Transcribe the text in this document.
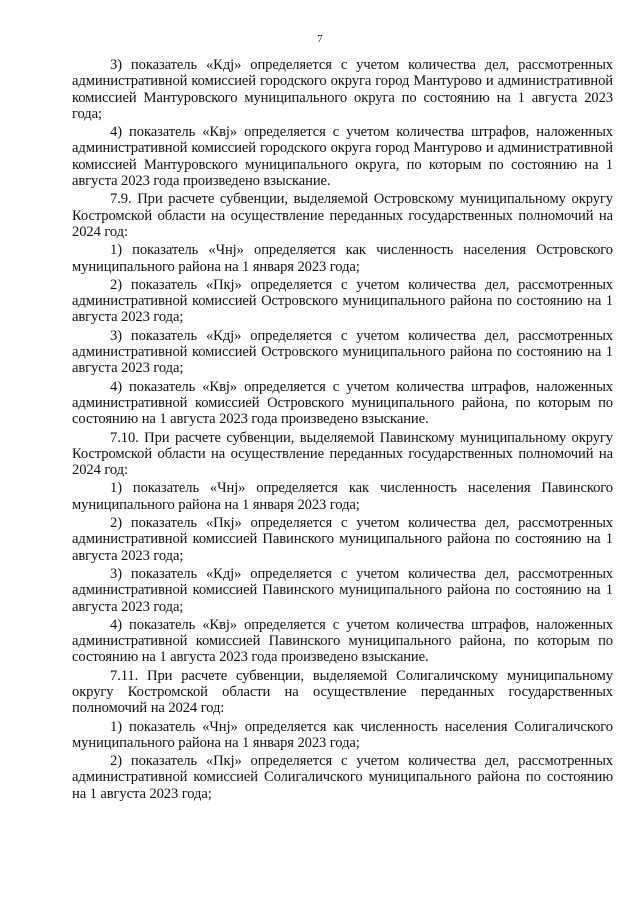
7

3) показатель «Кдj» определяется с учетом количества дел, рассмотренных административной комиссией городского округа город Мантурово и административной комиссией Мантуровского муниципального округа по состоянию на 1 августа 2023 года;

4) показатель «Квj» определяется с учетом количества штрафов, наложенных административной комиссией городского округа город Мантурово и административной комиссией Мантуровского муниципального округа, по которым по состоянию на 1 августа 2023 года произведено взыскание.

7.9. При расчете субвенции, выделяемой Островскому муниципальному округу Костромской области на осуществление переданных государственных полномочий на 2024 год:

1) показатель «Чнj» определяется как численность населения Островского муниципального района на 1 января 2023 года;

2) показатель «Пкj» определяется с учетом количества дел, рассмотренных административной комиссией Островского муниципального района по состоянию на 1 августа 2023 года;

3) показатель «Кдj» определяется с учетом количества дел, рассмотренных административной комиссией Островского муниципального района по состоянию на 1 августа 2023 года;

4) показатель «Квj» определяется с учетом количества штрафов, наложенных административной комиссией Островского муниципального района, по которым по состоянию на 1 августа 2023 года произведено взыскание.

7.10. При расчете субвенции, выделяемой Павинскому муниципальному округу Костромской области на осуществление переданных государственных полномочий на 2024 год:

1) показатель «Чнj» определяется как численность населения Павинского муниципального района на 1 января 2023 года;

2) показатель «Пкj» определяется с учетом количества дел, рассмотренных административной комиссией Павинского муниципального района по состоянию на 1 августа 2023 года;

3) показатель «Кдj» определяется с учетом количества дел, рассмотренных административной комиссией Павинского муниципального района по состоянию на 1 августа 2023 года;

4) показатель «Квj» определяется с учетом количества штрафов, наложенных административной комиссией Павинского муниципального района, по которым по состоянию на 1 августа 2023 года произведено взыскание.

7.11. При расчете субвенции, выделяемой Солигаличскому муниципальному округу Костромской области на осуществление переданных государственных полномочий на 2024 год:

1) показатель «Чнj» определяется как численность населения Солигаличского муниципального района на 1 января 2023 года;

2) показатель «Пкj» определяется с учетом количества дел, рассмотренных административной комиссией Солигаличского муниципального района по состоянию на 1 августа 2023 года;
